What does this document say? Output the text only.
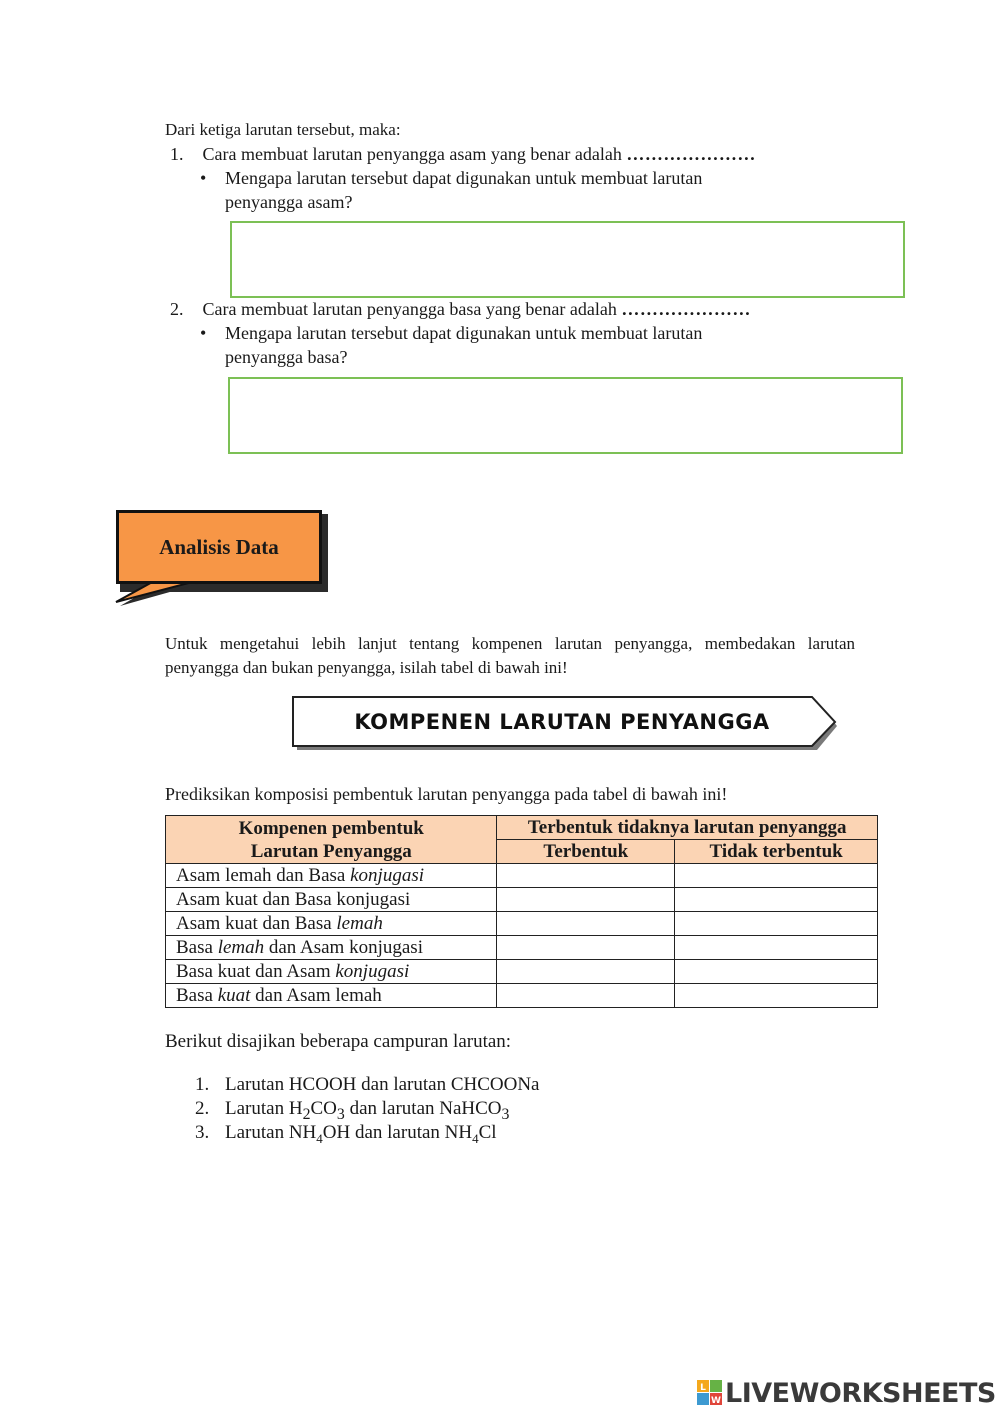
Dari ketiga larutan tersebut, maka:
1. Cara membuat larutan penyangga asam yang benar adalah …………………
• Mengapa larutan tersebut dapat digunakan untuk membuat larutan
penyangga asam?
2. Cara membuat larutan penyangga basa yang benar adalah …………………
• Mengapa larutan tersebut dapat digunakan untuk membuat larutan
penyangga basa?
Analisis Data
Untuk mengetahui lebih lanjut tentang kompenen larutan penyangga, membedakan larutan
penyangga dan bukan penyangga, isilah tabel di bawah ini!
KOMPENEN LARUTAN PENYANGGA
Prediksikan komposisi pembentuk larutan penyangga pada tabel di bawah ini!
Kompenen pembentuk
Larutan Penyangga	Terbentuk tidaknya larutan penyangga	
	Terbentuk	Tidak terbentuk
Asam lemah dan Basa konjugasi		
Asam kuat dan Basa konjugasi		
Asam kuat dan Basa lemah		
Basa lemah dan Asam konjugasi		
Basa kuat dan Asam konjugasi		
Basa kuat dan Asam lemah		
Berikut disajikan beberapa campuran larutan:
1. Larutan HCOOH dan larutan CHCOONa
2. Larutan $H_2CO_3$ dan larutan NaHCO$_3$
3. Larutan $NH_4OH$ dan larutan $NH_4Cl$
L
W LIVEWORKSHEETS
